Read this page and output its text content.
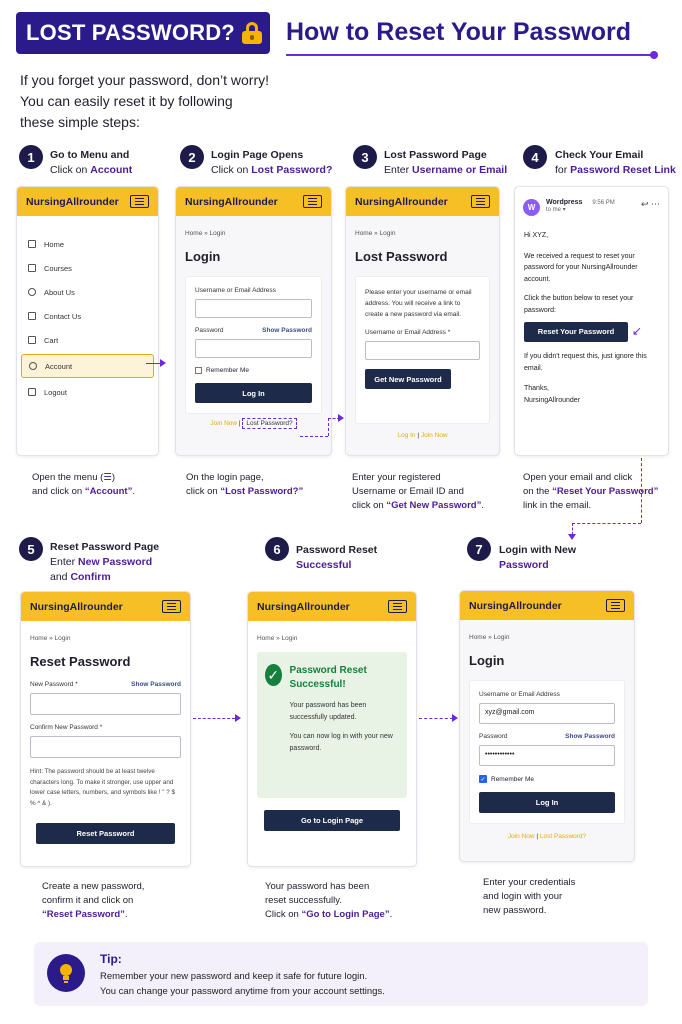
LOST PASSWORD? How to Reset Your Password
If you forget your password, don’t worry! You can easily reset it by following these simple steps:
1	Go to Menu and
Click on Account
2	Login Page Opens
Click on Lost Password?
3	Lost Password Page
Enter Username or Email
4	Check Your Email
for Password Reset Link
NursingAllrounder
Home
Courses
About Us
Contact Us
Cart
Account
Logout
NursingAllrounder
Home » Login
Login
Username or Email Address
Password	Show Password
Remember Me
Log In
Join Now | Lost Password?
NursingAllrounder
Home » Login
Lost Password
Please enter your username or email address. You will receive a link to create a new password via email.
Username or Email Address *
Get New Password
Log In | Join Now
W
Wordpress 9:56 PM
to me ▾
↩ ⋯
Hi XYZ,
We received a request to reset your password for your NursingAllrounder account.
Click the button below to reset your password:
Reset Your Password	↙
If you didn't request this, just ignore this email.
Thanks,
NursingAllrounder
Open the menu (☰)
and click on “Account”.
On the login page,
click on “Lost Password?”
Enter your registered
Username or Email ID and
click on “Get New Password”.
Open your email and click
on the “Reset Your Password”
link in the email.
5	Reset Password Page
Enter New Password
and Confirm
6	Password Reset
Successful
7	Login with New
Password
NursingAllrounder
Home » Login
Reset Password
New Password *	Show Password
Confirm New Password *
Hint: The password should be at least twelve characters long. To make it stronger, use upper and lower case letters, numbers, and symbols like ! " ? $ % ^ & ).
Reset Password
NursingAllrounder
Home » Login
✓ Password Reset
Successful!
Your password has been successfully updated.
You can now log in with your new password.
Go to Login Page
NursingAllrounder
Home » Login
Login
Username or Email Address
xyz@gmail.com
Password	Show Password
••••••••••••
✓ Remember Me
Log In
Join Now | Lost Password?
Create a new password,
confirm it and click on
“Reset Password”.
Your password has been
reset successfully.
Click on “Go to Login Page”.
Enter your credentials
and login with your
new password.
Tip:
Remember your new password and keep it safe for future login.
You can change your password anytime from your account settings.
